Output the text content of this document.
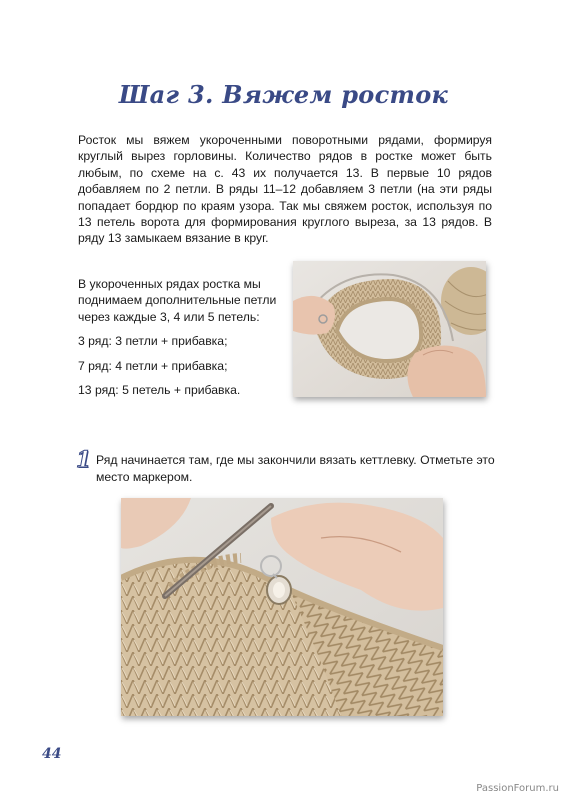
Шаг 3. Вяжем росток

Росток мы вяжем укороченными поворотными рядами, формируя круглый вырез горловины. Количество рядов в ростке может быть любым, по схеме на с. 43 их получается 13. В первые 10 рядов добавляем по 2 петли. В ряды 11–12 добавляем 3 петли (на эти ряды попадает бордюр по краям узора. Так мы свяжем росток, используя по 13 петель ворота для формирования круглого выреза, за 13 рядов. В ряду 13 замыкаем вязание в круг.

В укороченных рядах ростка мы поднимаем дополнительные петли через каждые 3, 4 или 5 петель:

3 ряд: 3 петли + прибавка;

7 ряд: 4 петли + прибавка;

13 ряд: 5 петель + прибавка.

1 Ряд начинается там, где мы закончили вязать кеттлевку. Отметьте это место маркером.

44
PassionForum.ru
